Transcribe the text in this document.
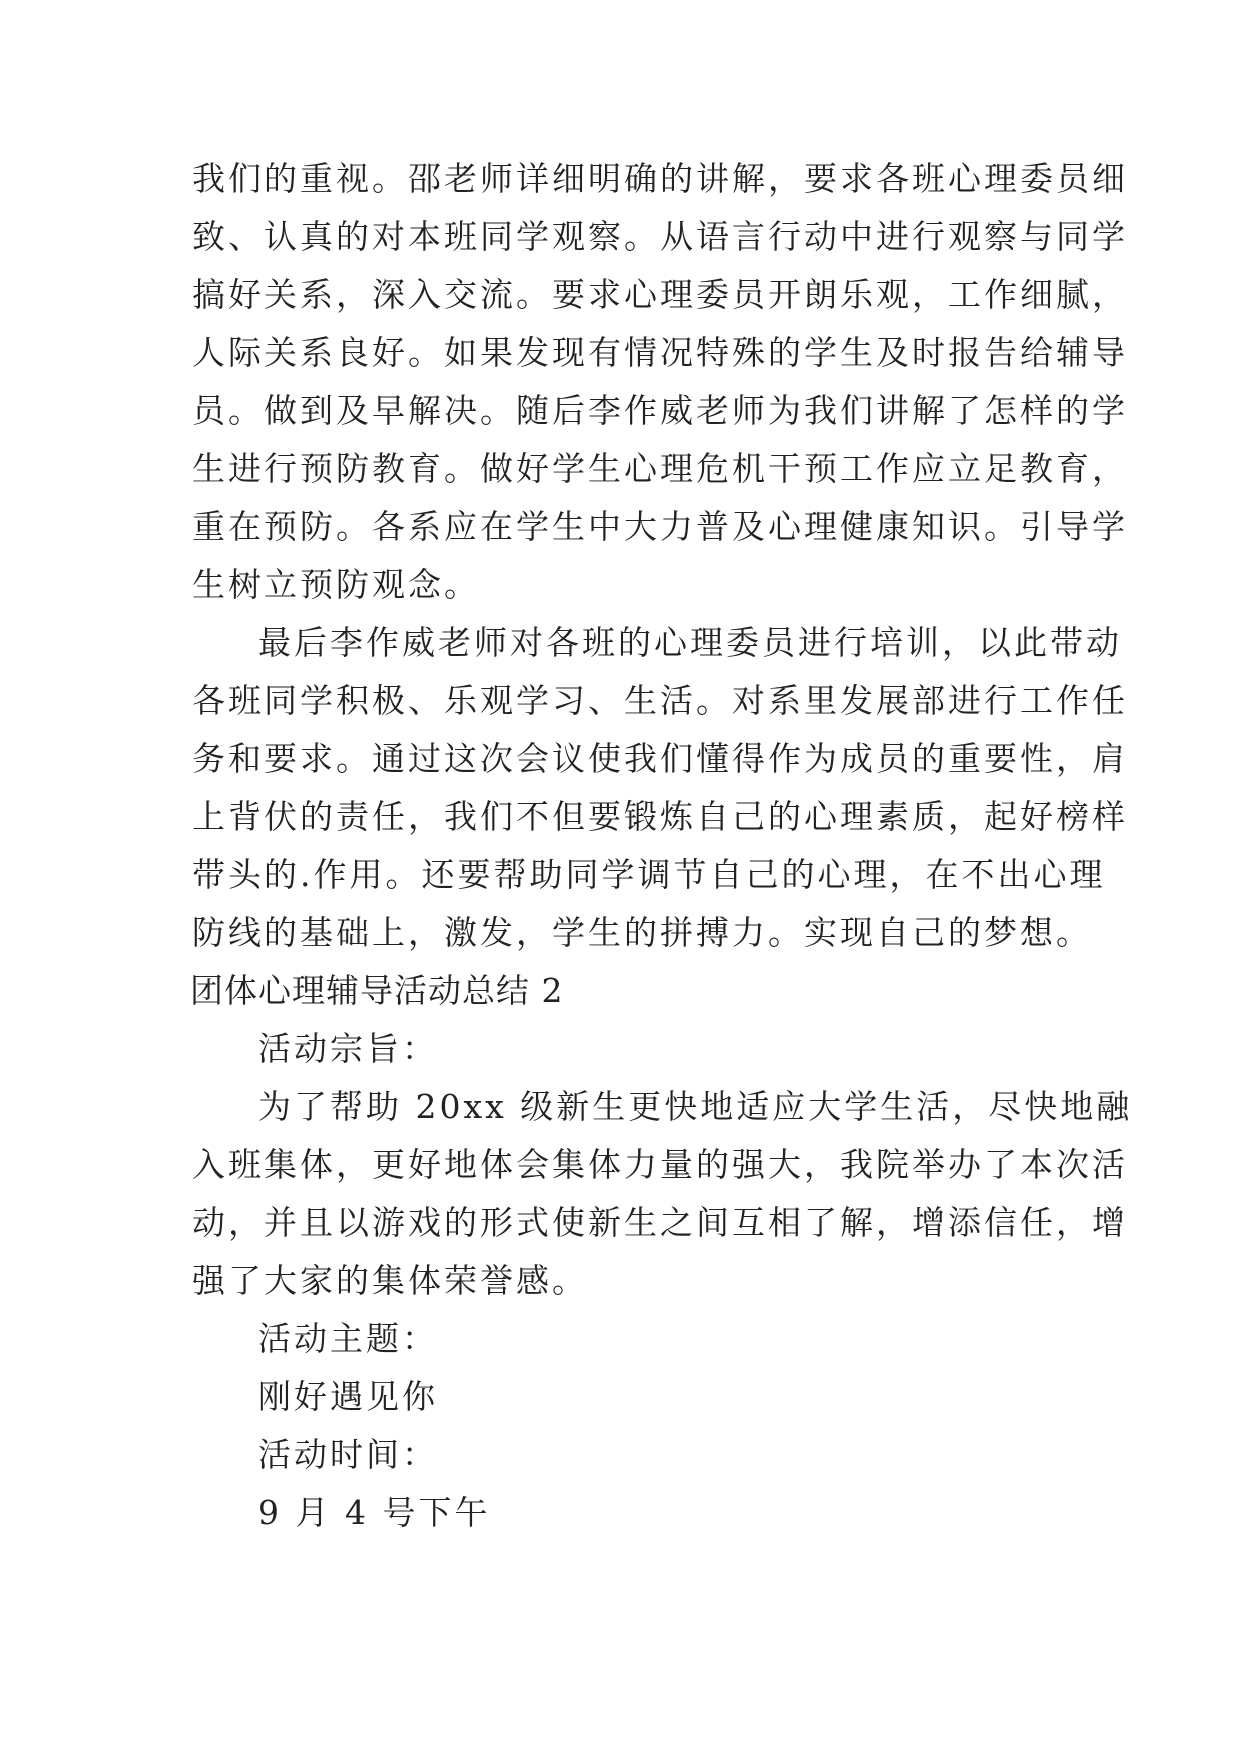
我们的重视。邵老师详细明确的讲解，要求各班心理委员细
致、认真的对本班同学观察。从语言行动中进行观察与同学
搞好关系，深入交流。要求心理委员开朗乐观，工作细腻，
人际关系良好。如果发现有情况特殊的学生及时报告给辅导
员。做到及早解决。随后李作威老师为我们讲解了怎样的学
生进行预防教育。做好学生心理危机干预工作应立足教育，
重在预防。各系应在学生中大力普及心理健康知识。引导学
生树立预防观念。
最后李作威老师对各班的心理委员进行培训，以此带动
各班同学积极、乐观学习、生活。对系里发展部进行工作任
务和要求。通过这次会议使我们懂得作为成员的重要性，肩
上背伏的责任，我们不但要锻炼自己的心理素质，起好榜样
带头的.作用。还要帮助同学调节自己的心理，在不出心理
防线的基础上，激发，学生的拼搏力。实现自己的梦想。
团体心理辅导活动总结 2
活动宗旨：
为了帮助 20xx 级新生更快地适应大学生活，尽快地融
入班集体，更好地体会集体力量的强大，我院举办了本次活
动，并且以游戏的形式使新生之间互相了解，增添信任，增
强了大家的集体荣誉感。
活动主题：
刚好遇见你
活动时间：
9 月 4 号下午
